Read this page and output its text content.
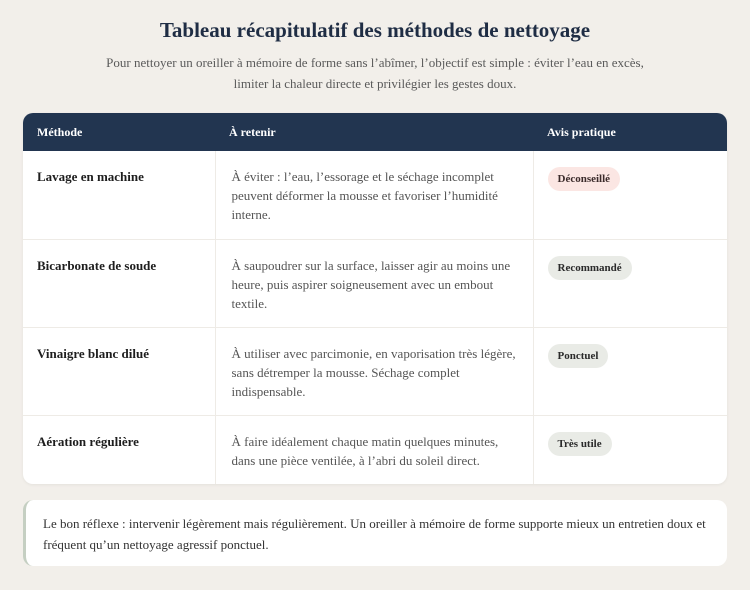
Tableau récapitulatif des méthodes de nettoyage

Pour nettoyer un oreiller à mémoire de forme sans l’abîmer, l’objectif est simple : éviter l’eau en excès, limiter la chaleur directe et privilégier les gestes doux.

Méthode	À retenir	Avis pratique

Lavage en machine	À éviter : l’eau, l’essorage et le séchage incomplet peuvent déformer la mousse et favoriser l’humidité interne.	Déconseillé

Bicarbonate de soude	À saupoudrer sur la surface, laisser agir au moins une heure, puis aspirer soigneusement avec un embout textile.	Recommandé

Vinaigre blanc dilué	À utiliser avec parcimonie, en vaporisation très légère, sans détremper la mousse. Séchage complet indispensable.	Ponctuel

Aération régulière	À faire idéalement chaque matin quelques minutes, dans une pièce ventilée, à l’abri du soleil direct.	Très utile

Le bon réflexe : intervenir légèrement mais régulièrement. Un oreiller à mémoire de forme supporte mieux un entretien doux et fréquent qu’un nettoyage agressif ponctuel.
